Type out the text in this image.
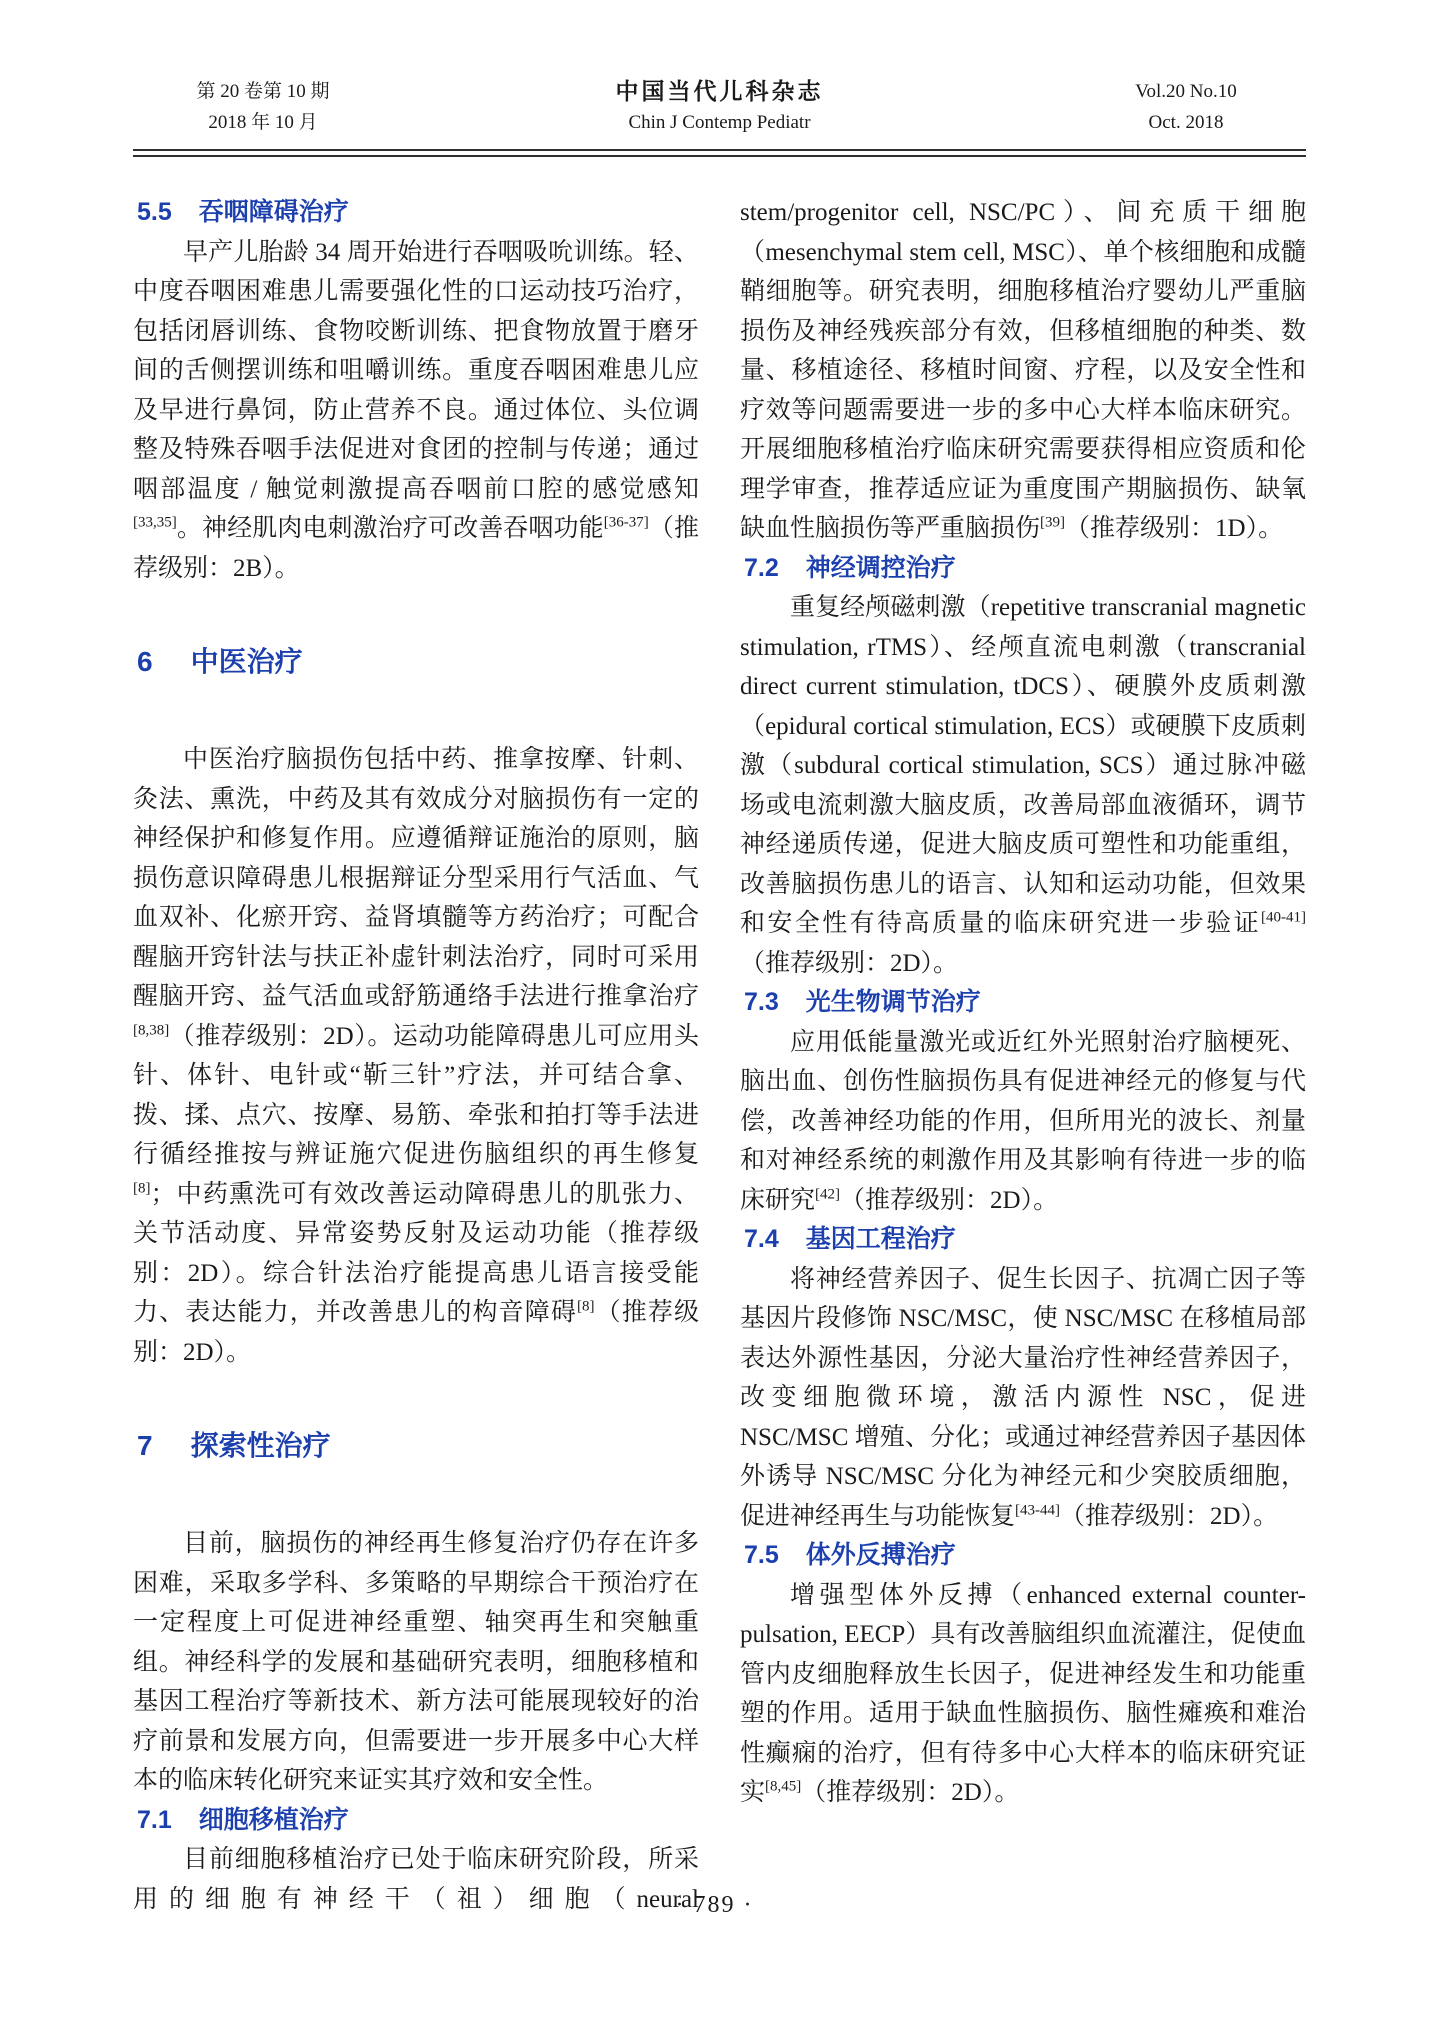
第 20 卷第 10 期
2018 年 10 月
中国当代儿科杂志
Chin J Contemp Pediatr
Vol.20 No.10
Oct. 2018
5.5 吞咽障碍治疗

早产儿胎龄 34 周开始进行吞咽吸吮训练。轻、中度吞咽困难患儿需要强化性的口运动技巧治疗，包括闭唇训练、食物咬断训练、把食物放置于磨牙间的舌侧摆训练和咀嚼训练。重度吞咽困难患儿应及早进行鼻饲，防止营养不良。通过体位、头位调整及特殊吞咽手法促进对食团的控制与传递；通过咽部温度 / 触觉刺激提高吞咽前口腔的感觉感知[33,35]。神经肌肉电刺激治疗可改善吞咽功能[36-37]（推荐级别：2B）。

6 中医治疗

中医治疗脑损伤包括中药、推拿按摩、针刺、灸法、熏洗，中药及其有效成分对脑损伤有一定的神经保护和修复作用。应遵循辩证施治的原则，脑损伤意识障碍患儿根据辩证分型采用行气活血、气血双补、化瘀开窍、益肾填髓等方药治疗；可配合醒脑开窍针法与扶正补虚针刺法治疗，同时可采用醒脑开窍、益气活血或舒筋通络手法进行推拿治疗[8,38]（推荐级别：2D）。运动功能障碍患儿可应用头针、体针、电针或“靳三针”疗法，并可结合拿、拨、揉、点穴、按摩、易筋、牵张和拍打等手法进行循经推按与辨证施穴促进伤脑组织的再生修复[8]；中药熏洗可有效改善运动障碍患儿的肌张力、关节活动度、异常姿势反射及运动功能（推荐级别：2D）。综合针法治疗能提高患儿语言接受能力、表达能力，并改善患儿的构音障碍[8]（推荐级别：2D）。

7 探索性治疗

目前，脑损伤的神经再生修复治疗仍存在许多困难，采取多学科、多策略的早期综合干预治疗在一定程度上可促进神经重塑、轴突再生和突触重组。神经科学的发展和基础研究表明，细胞移植和基因工程治疗等新技术、新方法可能展现较好的治疗前景和发展方向，但需要进一步开展多中心大样本的临床转化研究来证实其疗效和安全性。

7.1 细胞移植治疗

目前细胞移植治疗已处于临床研究阶段，所采用的细胞有神经干（祖）细胞（neural

stem/progenitor cell, NSC/PC）、间充质干细胞（mesenchymal stem cell, MSC）、单个核细胞和成髓鞘细胞等。研究表明，细胞移植治疗婴幼儿严重脑损伤及神经残疾部分有效，但移植细胞的种类、数量、移植途径、移植时间窗、疗程，以及安全性和疗效等问题需要进一步的多中心大样本临床研究。开展细胞移植治疗临床研究需要获得相应资质和伦理学审查，推荐适应证为重度围产期脑损伤、缺氧缺血性脑损伤等严重脑损伤[39]（推荐级别：1D）。

7.2 神经调控治疗

重复经颅磁刺激（repetitive transcranial magnetic stimulation, rTMS）、经颅直流电刺激（transcranial direct current stimulation, tDCS）、硬膜外皮质刺激（epidural cortical stimulation, ECS）或硬膜下皮质刺激（subdural cortical stimulation, SCS）通过脉冲磁场或电流刺激大脑皮质，改善局部血液循环，调节神经递质传递，促进大脑皮质可塑性和功能重组，改善脑损伤患儿的语言、认知和运动功能，但效果和安全性有待高质量的临床研究进一步验证[40-41]（推荐级别：2D）。

7.3 光生物调节治疗

应用低能量激光或近红外光照射治疗脑梗死、脑出血、创伤性脑损伤具有促进神经元的修复与代偿，改善神经功能的作用，但所用光的波长、剂量和对神经系统的刺激作用及其影响有待进一步的临床研究[42]（推荐级别：2D）。

7.4 基因工程治疗

将神经营养因子、促生长因子、抗凋亡因子等基因片段修饰 NSC/MSC，使 NSC/MSC 在移植局部表达外源性基因，分泌大量治疗性神经营养因子，改变细胞微环境，激活内源性 NSC，促进 NSC/MSC 增殖、分化；或通过神经营养因子基因体外诱导 NSC/MSC 分化为神经元和少突胶质细胞，促进神经再生与功能恢复[43-44]（推荐级别：2D）。

7.5 体外反搏治疗

增强型体外反搏（enhanced external counter-pulsation, EECP）具有改善脑组织血流灌注，促使血管内皮细胞释放生长因子，促进神经发生和功能重塑的作用。适用于缺血性脑损伤、脑性瘫痪和难治性癫痫的治疗，但有待多中心大样本的临床研究证实[8,45]（推荐级别：2D）。

· 789 ·
